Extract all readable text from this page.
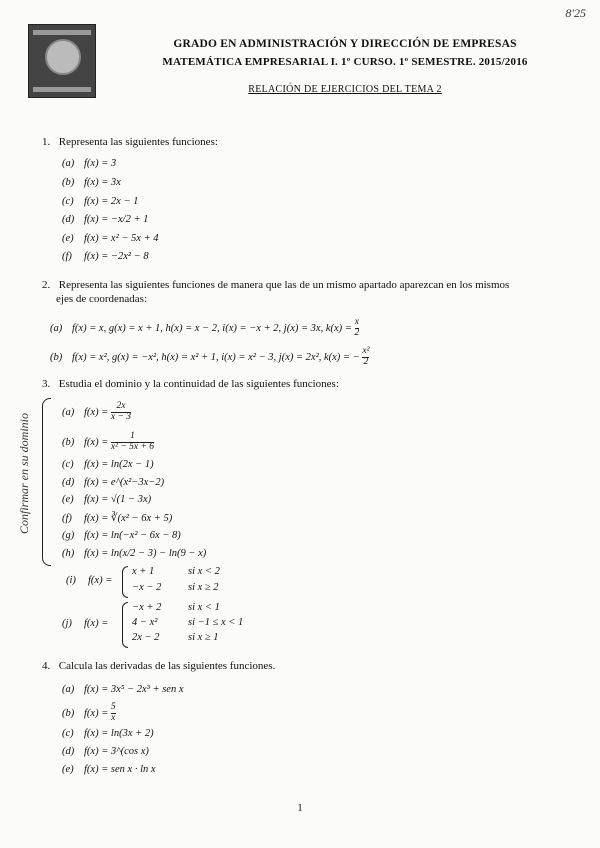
8'25
GRADO EN ADMINISTRACIÓN Y DIRECCIÓN DE EMPRESAS
MATEMÁTICA EMPRESARIAL I. 1º CURSO. 1º SEMESTRE. 2015/2016
RELACIÓN DE EJERCICIOS DEL TEMA 2
1. Representa las siguientes funciones:
(a) f(x) = 3
(b) f(x) = 3x
(c) f(x) = 2x − 1
(d) f(x) = −x/2 + 1
(e) f(x) = x² − 5x + 4
(f) f(x) = −2x² − 8
2. Representa las siguientes funciones de manera que las de un mismo apartado aparezcan en los mismos
ejes de coordenadas:
(a) f(x) = x, g(x) = x + 1, h(x) = x − 2, i(x) = −x + 2, j(x) = 3x, $k(x) = \frac{x}{2}$
(b) f(x) = x², g(x) = −x², h(x) = x² + 1, i(x) = x² − 3, j(x) = 2x², k(x) = − $\frac{\text{x²}}{2}$
3. Estudia el dominio y la continuidad de las siguientes funciones:
Confirmar en su dominio
(a) $f(x) = \frac{2x}{x - 3}$
(b) $f(x) = \frac{1}{\text{x² − 5x + 6}}$
(c) f(x) = ln(2x − 1)
(d) f(x) = e^(x²−3x−2)
(e) f(x) = √(1 − 3x)
(f) f(x) = ∛(x² − 6x + 5)
(g) f(x) = ln(−x² − 6x − 8)
(h) f(x) = ln(x/2 − 3) − ln(9 − x)
(i) f(x) =
x + 1	si x < 2
−x − 2	si x ≥ 2
(j) f(x) =
−x + 2	si x < 1
4 − x²	si −1 ≤ x < 1
2x − 2	si x ≥ 1
4. Calcula las derivadas de las siguientes funciones.
(a) f(x) = 3x⁵ − 2x³ + sen x
(b) $f(x) = \frac{5}{x}$
(c) f(x) = ln(3x + 2)
(d) f(x) = 3^(cos x)
(e) f(x) = sen x · ln x
1
